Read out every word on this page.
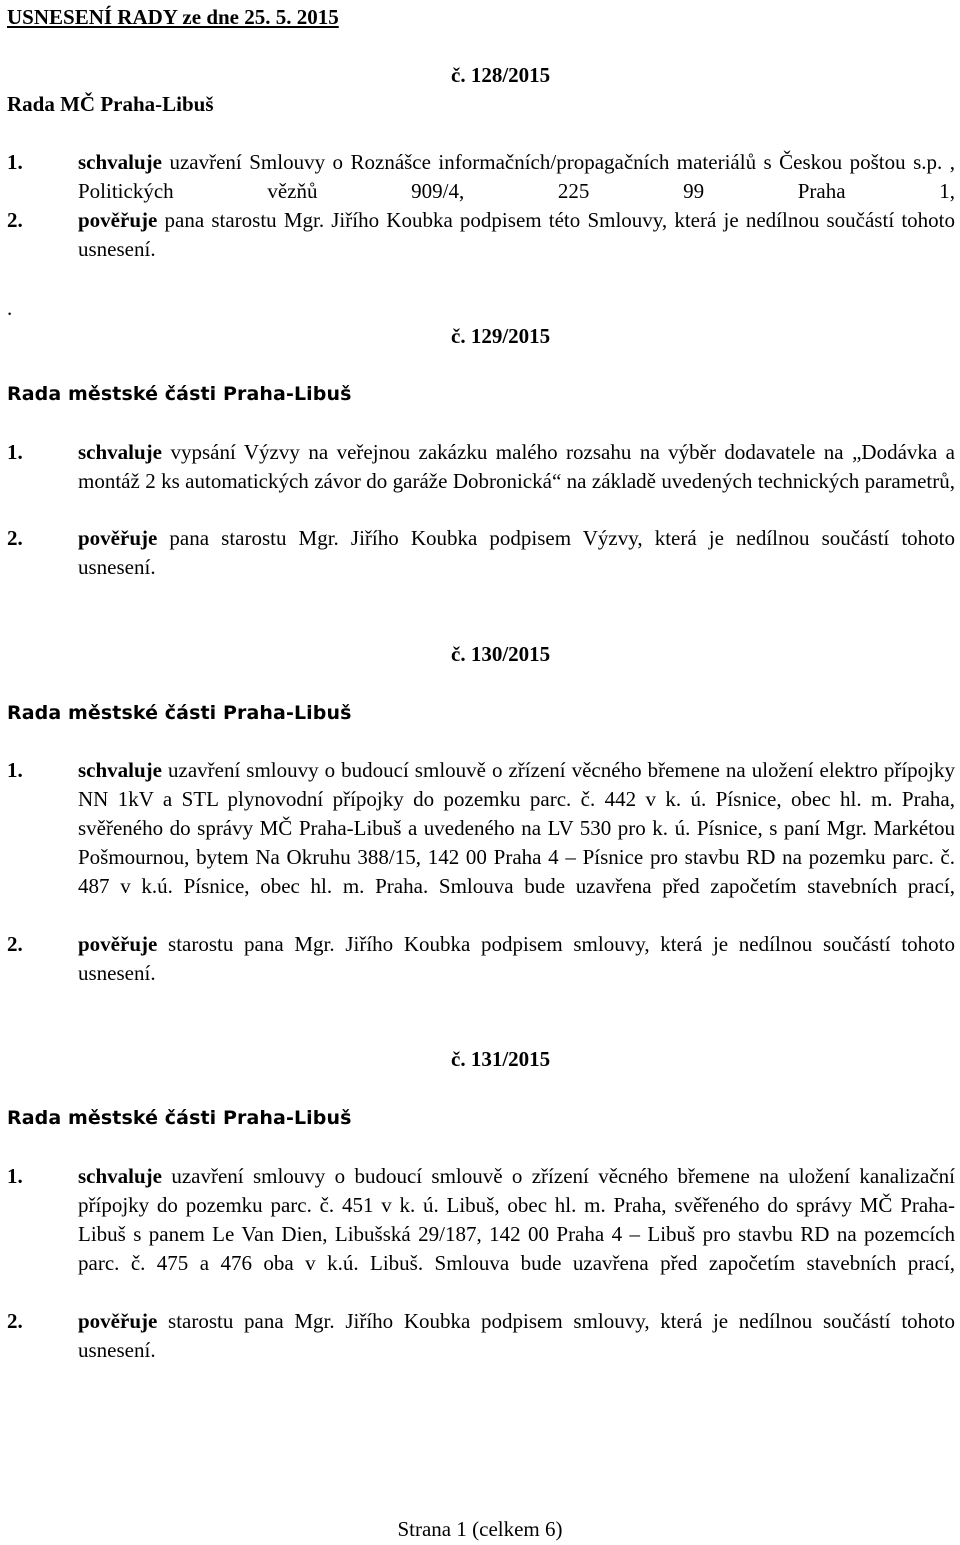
USNESENÍ RADY ze dne 25. 5. 2015
č. 128/2015
Rada MČ Praha-Libuš
1.	schvaluje uzavření Smlouvy o Roznášce informačních/propagačních materiálů s Českou poštou s.p. , Politických vězňů 909/4, 225 99 Praha 1,
2.	pověřuje pana starostu Mgr. Jiřího Koubka podpisem této Smlouvy, která je nedílnou součástí tohoto usnesení.
.
č. 129/2015
Rada městské části Praha-Libuš
1.	schvaluje vypsání Výzvy na veřejnou zakázku malého rozsahu na výběr dodavatele na „Dodávka a montáž 2 ks automatických závor do garáže Dobronická“ na základě uvedených technických parametrů,
2.	pověřuje pana starostu Mgr. Jiřího Koubka podpisem Výzvy, která je nedílnou součástí tohoto usnesení.
č. 130/2015
Rada městské části Praha-Libuš
1.	schvaluje uzavření smlouvy o budoucí smlouvě o zřízení věcného břemene na uložení elektro přípojky NN 1kV a STL plynovodní přípojky do pozemku parc. č. 442 v k. ú. Písnice, obec hl. m. Praha, svěřeného do správy MČ Praha-Libuš a uvedeného na LV 530 pro k. ú. Písnice, s paní Mgr. Markétou Pošmournou, bytem Na Okruhu 388/15, 142 00 Praha 4 – Písnice pro stavbu RD na pozemku parc. č. 487 v k.ú. Písnice, obec hl. m. Praha. Smlouva bude uzavřena před započetím stavebních prací,
2.	pověřuje starostu pana Mgr. Jiřího Koubka podpisem smlouvy, která je nedílnou součástí tohoto usnesení.
č. 131/2015
Rada městské části Praha-Libuš
1.	schvaluje uzavření smlouvy o budoucí smlouvě o zřízení věcného břemene na uložení kanalizační přípojky do pozemku parc. č. 451 v k. ú. Libuš, obec hl. m. Praha, svěřeného do správy MČ Praha-Libuš s panem Le Van Dien, Libušská 29/187, 142 00 Praha 4 – Libuš pro stavbu RD na pozemcích parc. č. 475 a 476 oba v k.ú. Libuš. Smlouva bude uzavřena před započetím stavebních prací,
2.	pověřuje starostu pana Mgr. Jiřího Koubka podpisem smlouvy, která je nedílnou součástí tohoto usnesení.
Strana 1 (celkem 6)
